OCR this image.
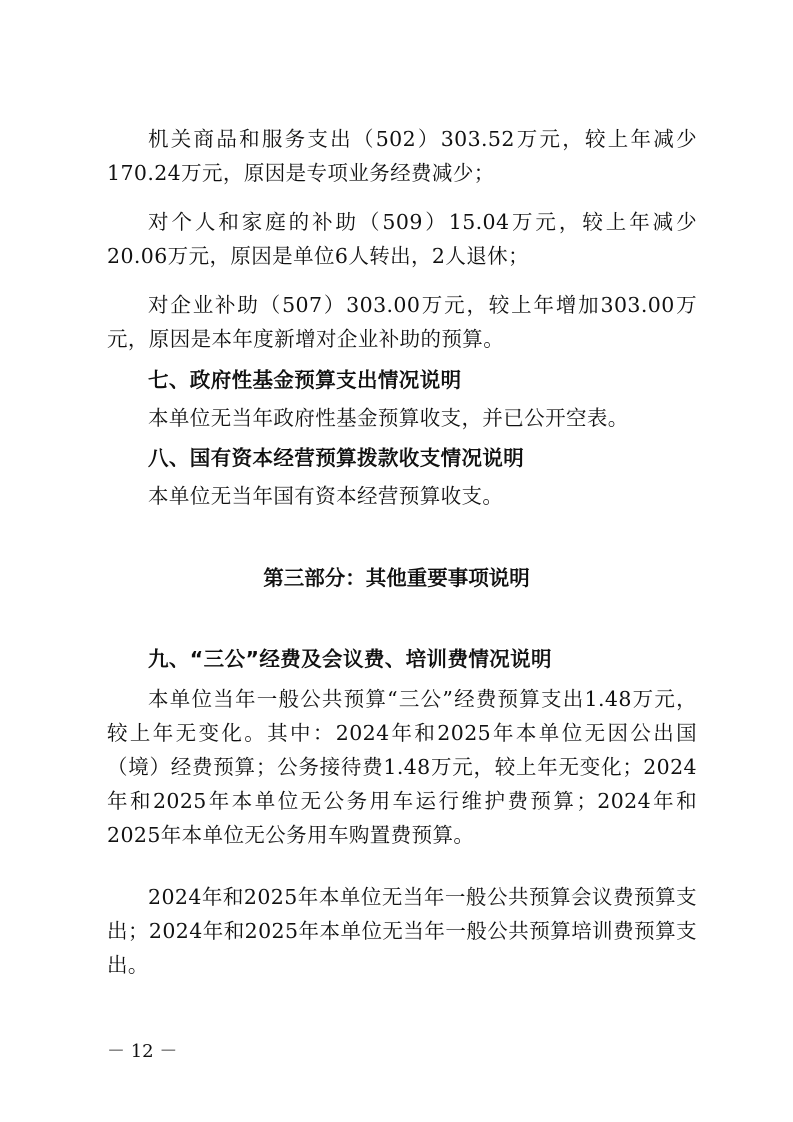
机关商品和服务支出（502）303.52万元，较上年减少170.24万元，原因是专项业务经费减少；

对个人和家庭的补助（509）15.04万元，较上年减少20.06万元，原因是单位6人转出，2人退休；

对企业补助（507）303.00万元，较上年增加303.00万元，原因是本年度新增对企业补助的预算。

七、政府性基金预算支出情况说明

本单位无当年政府性基金预算收支，并已公开空表。

八、国有资本经营预算拨款收支情况说明

本单位无当年国有资本经营预算收支。

第三部分：其他重要事项说明
九、“三公”经费及会议费、培训费情况说明

本单位当年一般公共预算“三公”经费预算支出1.48万元，较上年无变化。其中：2024年和2025年本单位无因公出国（境）经费预算；公务接待费1.48万元，较上年无变化；2024年和2025年本单位无公务用车运行维护费预算；2024年和2025年本单位无公务用车购置费预算。

2024年和2025年本单位无当年一般公共预算会议费预算支出；2024年和2025年本单位无当年一般公共预算培训费预算支出。

－ 12 －
